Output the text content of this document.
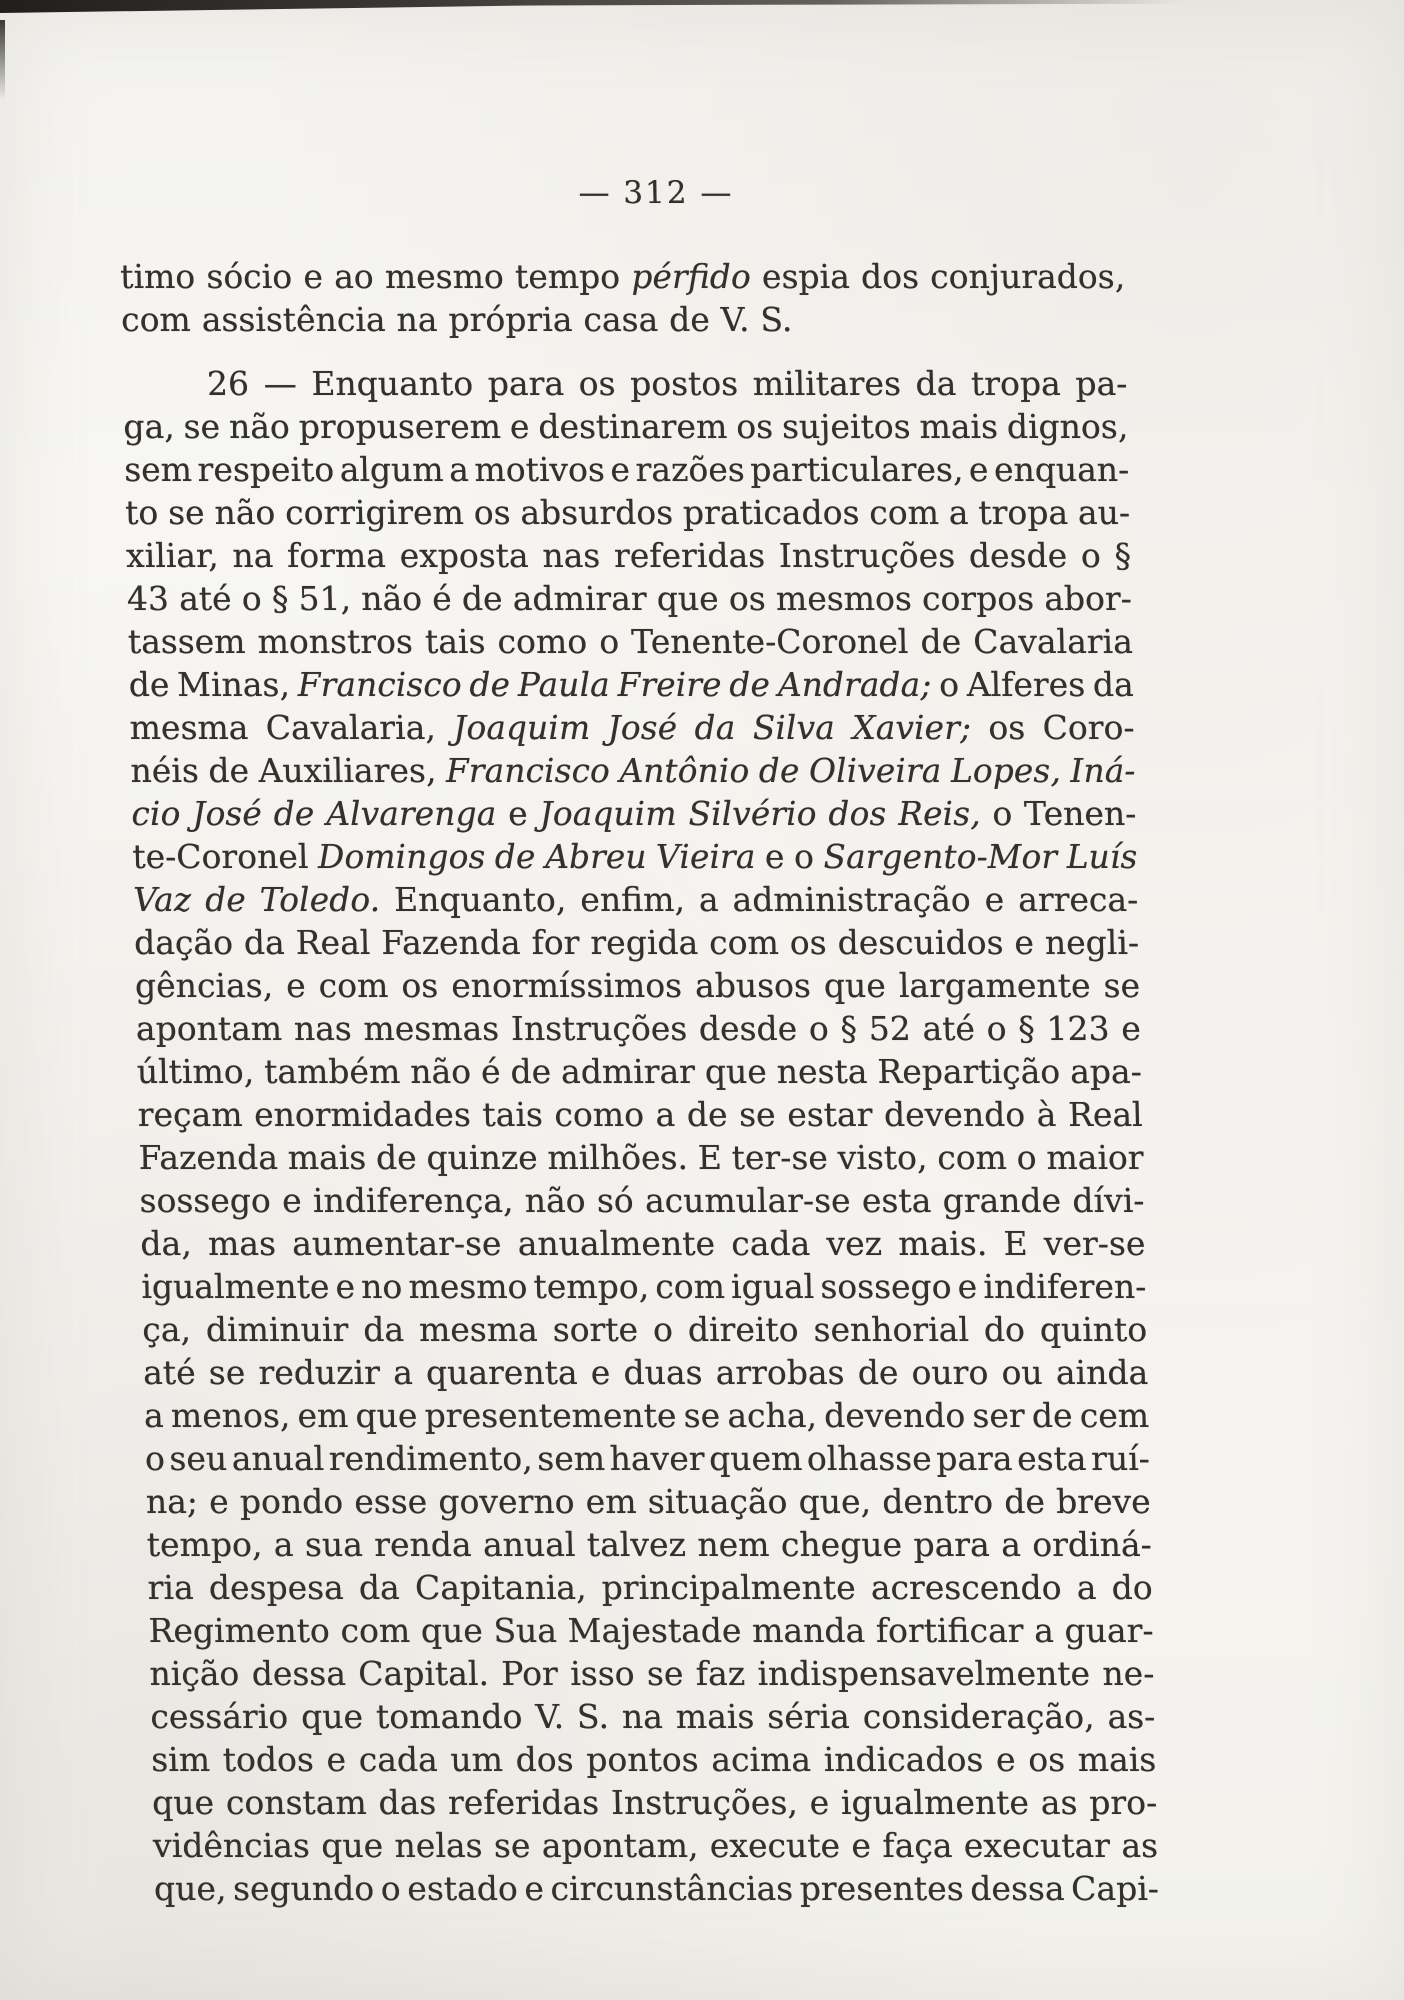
— 312 —
timo sócio e ao mesmo tempo pérfido espia dos conjurados,
com assistência na própria casa de V. S.
26 — Enquanto para os postos militares da tropa pa-
ga, se não propuserem e destinarem os sujeitos mais dignos,
sem respeito algum a motivos e razões particulares, e enquan-
to se não corrigirem os absurdos praticados com a tropa au-
xiliar, na forma exposta nas referidas Instruções desde o §
43 até o § 51, não é de admirar que os mesmos corpos abor-
tassem monstros tais como o Tenente-Coronel de Cavalaria
de Minas, Francisco de Paula Freire de Andrada; o Alferes da
mesma Cavalaria, Joaquim José da Silva Xavier; os Coro-
néis de Auxiliares, Francisco Antônio de Oliveira Lopes, Iná-
cio José de Alvarenga e Joaquim Silvério dos Reis, o Tenen-
te-Coronel Domingos de Abreu Vieira e o Sargento-Mor Luís
Vaz de Toledo. Enquanto, enfim, a administração e arreca-
dação da Real Fazenda for regida com os descuidos e negli-
gências, e com os enormíssimos abusos que largamente se
apontam nas mesmas Instruções desde o § 52 até o § 123 e
último, também não é de admirar que nesta Repartição apa-
reçam enormidades tais como a de se estar devendo à Real
Fazenda mais de quinze milhões. E ter-se visto, com o maior
sossego e indiferença, não só acumular-se esta grande dívi-
da, mas aumentar-se anualmente cada vez mais. E ver-se
igualmente e no mesmo tempo, com igual sossego e indiferen-
ça, diminuir da mesma sorte o direito senhorial do quinto
até se reduzir a quarenta e duas arrobas de ouro ou ainda
a menos, em que presentemente se acha, devendo ser de cem
o seu anual rendimento, sem haver quem olhasse para esta ruí-
na; e pondo esse governo em situação que, dentro de breve
tempo, a sua renda anual talvez nem chegue para a ordiná-
ria despesa da Capitania, principalmente acrescendo a do
Regimento com que Sua Majestade manda fortificar a guar-
nição dessa Capital. Por isso se faz indispensavelmente ne-
cessário que tomando V. S. na mais séria consideração, as-
sim todos e cada um dos pontos acima indicados e os mais
que constam das referidas Instruções, e igualmente as pro-
vidências que nelas se apontam, execute e faça executar as
que, segundo o estado e circunstâncias presentes dessa Capi-
